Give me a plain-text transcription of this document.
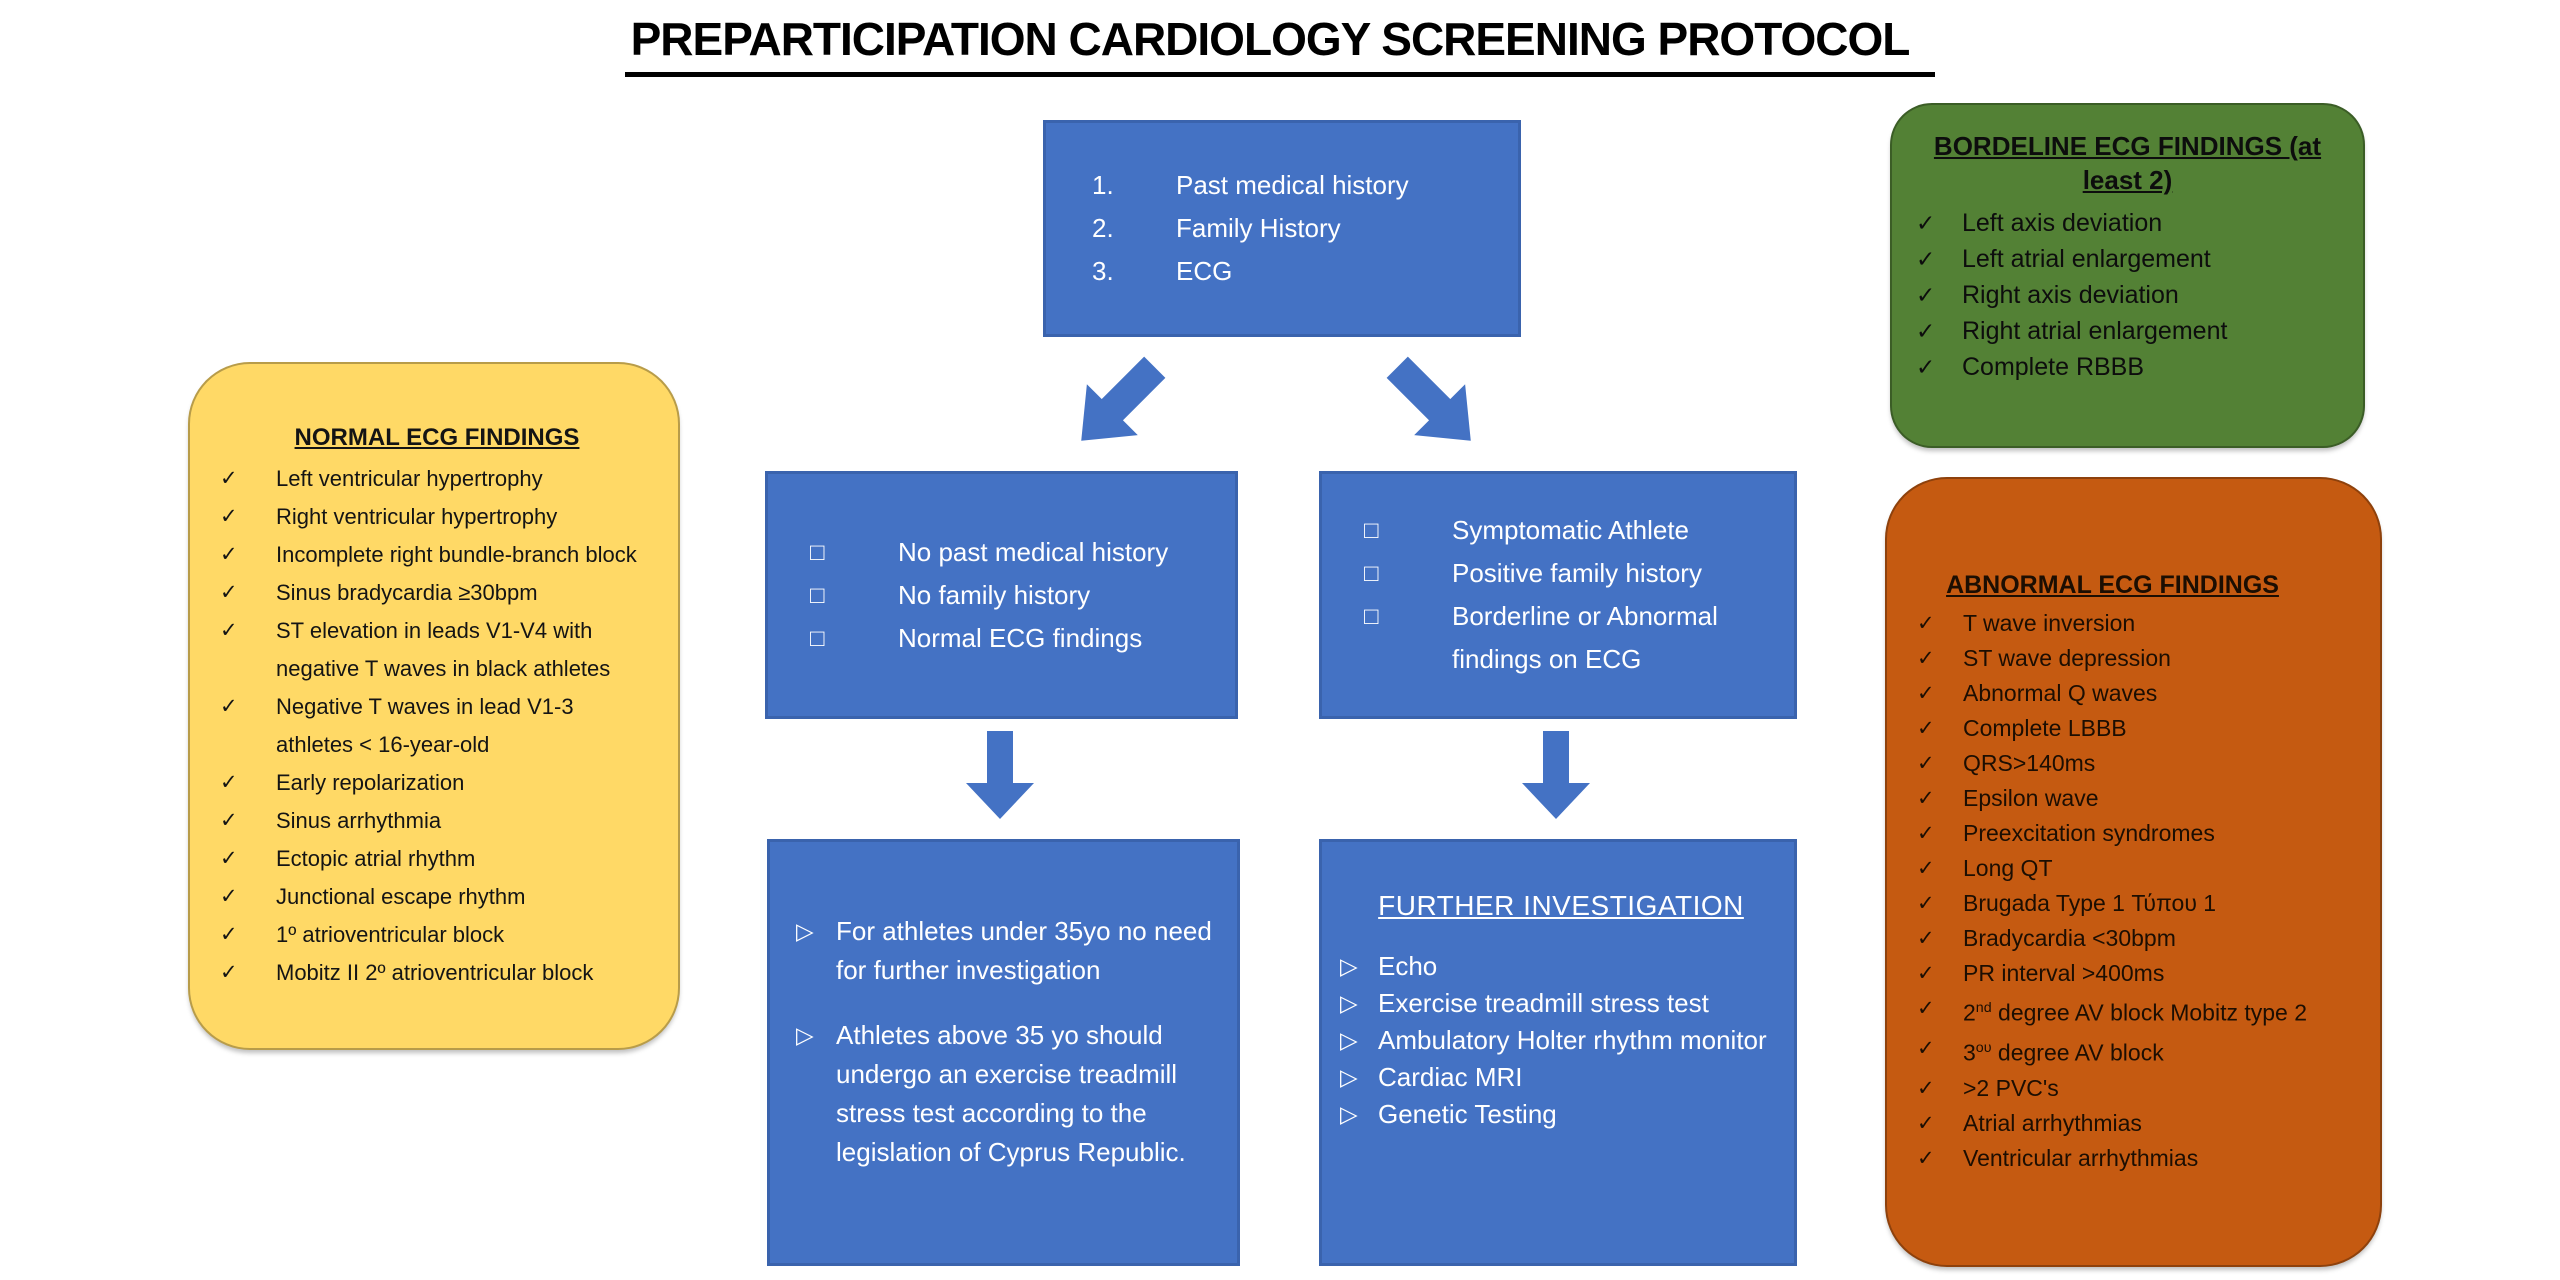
PREPARTICIPATION CARDIOLOGY SCREENING PROTOCOL
1.	Past medical history
2.	Family History
3.	ECG
BORDELINE ECG FINDINGS (at
least 2)
✓	Left axis deviation
✓	Left atrial enlargement
✓	Right axis deviation
✓	Right atrial enlargement
✓	Complete RBBB
NORMAL ECG FINDINGS
✓	Left ventricular hypertrophy
✓	Right ventricular hypertrophy
✓	Incomplete right bundle-branch block
✓	Sinus bradycardia ≥30bpm
✓	ST elevation in leads V1-V4 with negative T waves in black athletes
✓	Negative T waves in lead V1-3 athletes < 16-year-old
✓	Early repolarization
✓	Sinus arrhythmia
✓	Ectopic atrial rhythm
✓	Junctional escape rhythm
✓	1º atrioventricular block
✓	Mobitz II 2º atrioventricular block
□	No past medical history
□	No family history
□	Normal ECG findings
□	Symptomatic Athlete
□	Positive family history
□	Borderline or Abnormal findings on ECG
▷ For athletes under 35yo no need for further investigation
▷ Athletes above 35 yo should undergo an exercise treadmill stress test according to the legislation of Cyprus Republic.
FURTHER INVESTIGATION
▷ Echo
▷ Exercise treadmill stress test
▷ Ambulatory Holter rhythm monitor
▷ Cardiac MRI
▷ Genetic Testing
ABNORMAL ECG FINDINGS
✓	T wave inversion
✓	ST wave depression
✓	Abnormal Q waves
✓	Complete LBBB
✓	QRS>140ms
✓	Epsilon wave
✓	Preexcitation syndromes
✓	Long QT
✓	Brugada Type 1 Τύπου 1
✓	Bradycardia <30bpm
✓	PR interval >400ms
✓	2nd degree AV block Mobitz type 2
✓	$3^{o\upsilon}$ degree AV block
✓	>2 PVC's
✓	Atrial arrhythmias
✓	Ventricular arrhythmias
